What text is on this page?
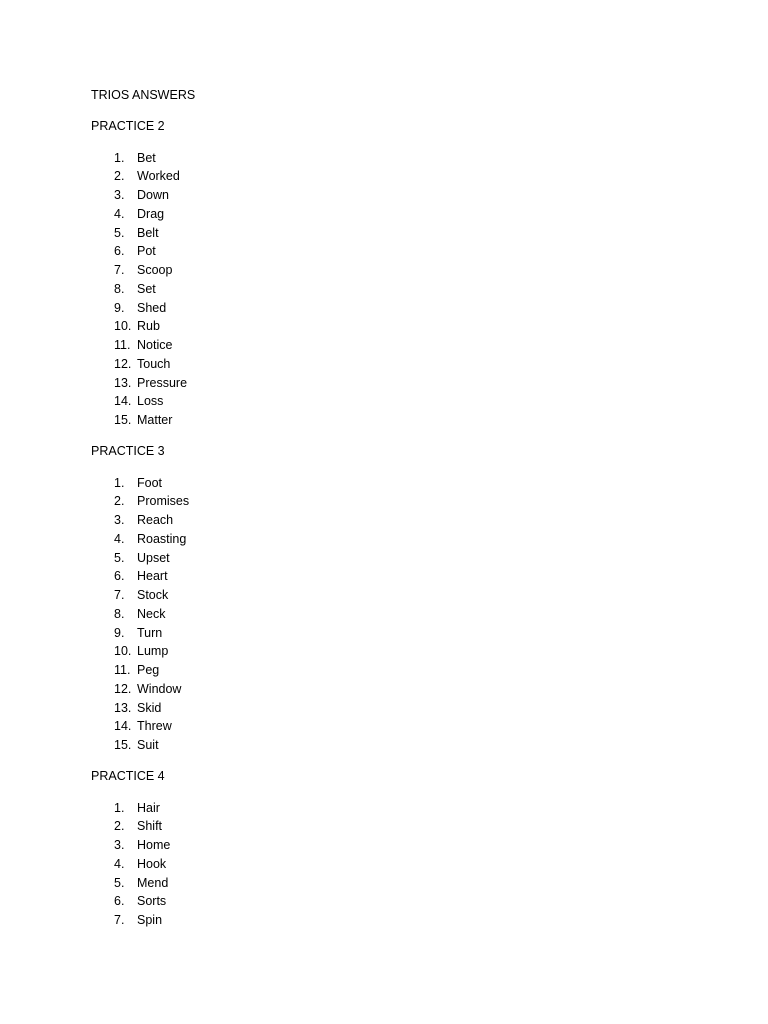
TRIOS ANSWERS
PRACTICE 2
1.	Bet
2.	Worked
3.	Down
4.	Drag
5.	Belt
6.	Pot
7.	Scoop
8.	Set
9.	Shed
10. Rub
11. Notice
12. Touch
13. Pressure
14. Loss
15. Matter
PRACTICE 3
1.	Foot
2.	Promises
3.	Reach
4.	Roasting
5.	Upset
6.	Heart
7.	Stock
8.	Neck
9.	Turn
10. Lump
11. Peg
12. Window
13. Skid
14. Threw
15. Suit
PRACTICE 4
1.	Hair
2.	Shift
3.	Home
4.	Hook
5.	Mend
6.	Sorts
7.	Spin
